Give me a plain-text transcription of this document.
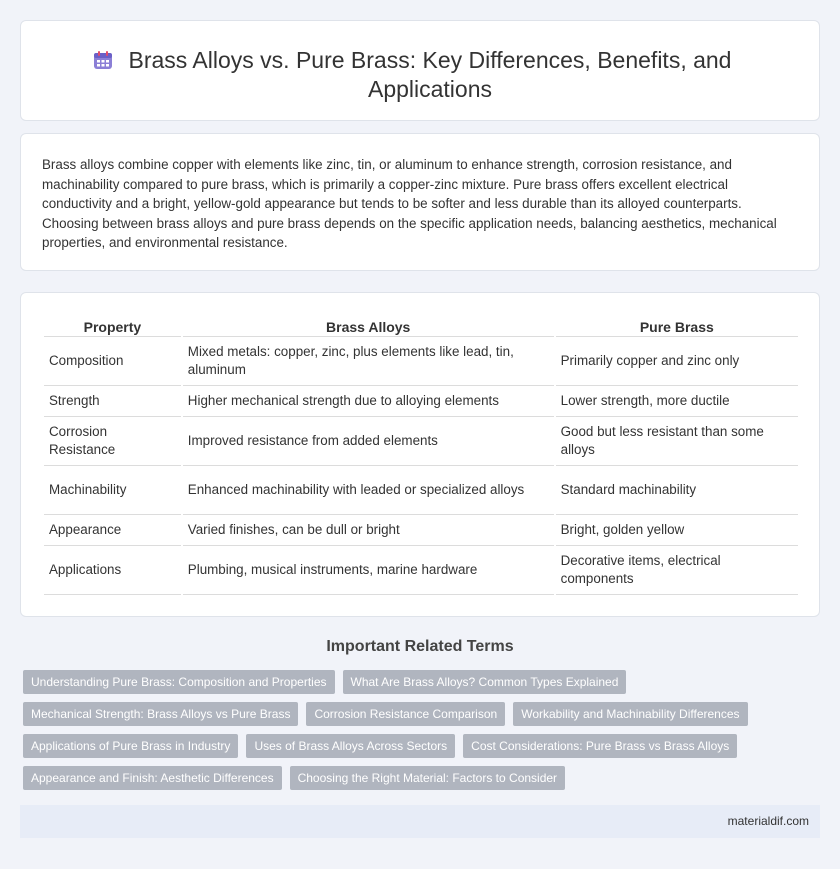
Brass Alloys vs. Pure Brass: Key Differences, Benefits, and Applications

Brass alloys combine copper with elements like zinc, tin, or aluminum to enhance strength, corrosion resistance, and machinability compared to pure brass, which is primarily a copper-zinc mixture. Pure brass offers excellent electrical conductivity and a bright, yellow-gold appearance but tends to be softer and less durable than its alloyed counterparts. Choosing between brass alloys and pure brass depends on the specific application needs, balancing aesthetics, mechanical properties, and environmental resistance.

Property	Brass Alloys	Pure Brass
Composition	Mixed metals: copper, zinc, plus elements like lead, tin, aluminum	Primarily copper and zinc only
Strength	Higher mechanical strength due to alloying elements	Lower strength, more ductile
Corrosion Resistance	Improved resistance from added elements	Good but less resistant than some alloys
Machinability	Enhanced machinability with leaded or specialized alloys	Standard machinability
Appearance	Varied finishes, can be dull or bright	Bright, golden yellow
Applications	Plumbing, musical instruments, marine hardware	Decorative items, electrical components
Important Related Terms
Understanding Pure Brass: Composition and Properties	What Are Brass Alloys? Common Types Explained
Mechanical Strength: Brass Alloys vs Pure Brass	Corrosion Resistance Comparison	Workability and Machinability Differences
Applications of Pure Brass in Industry	Uses of Brass Alloys Across Sectors	Cost Considerations: Pure Brass vs Brass Alloys
Appearance and Finish: Aesthetic Differences	Choosing the Right Material: Factors to Consider
materialdif.com
